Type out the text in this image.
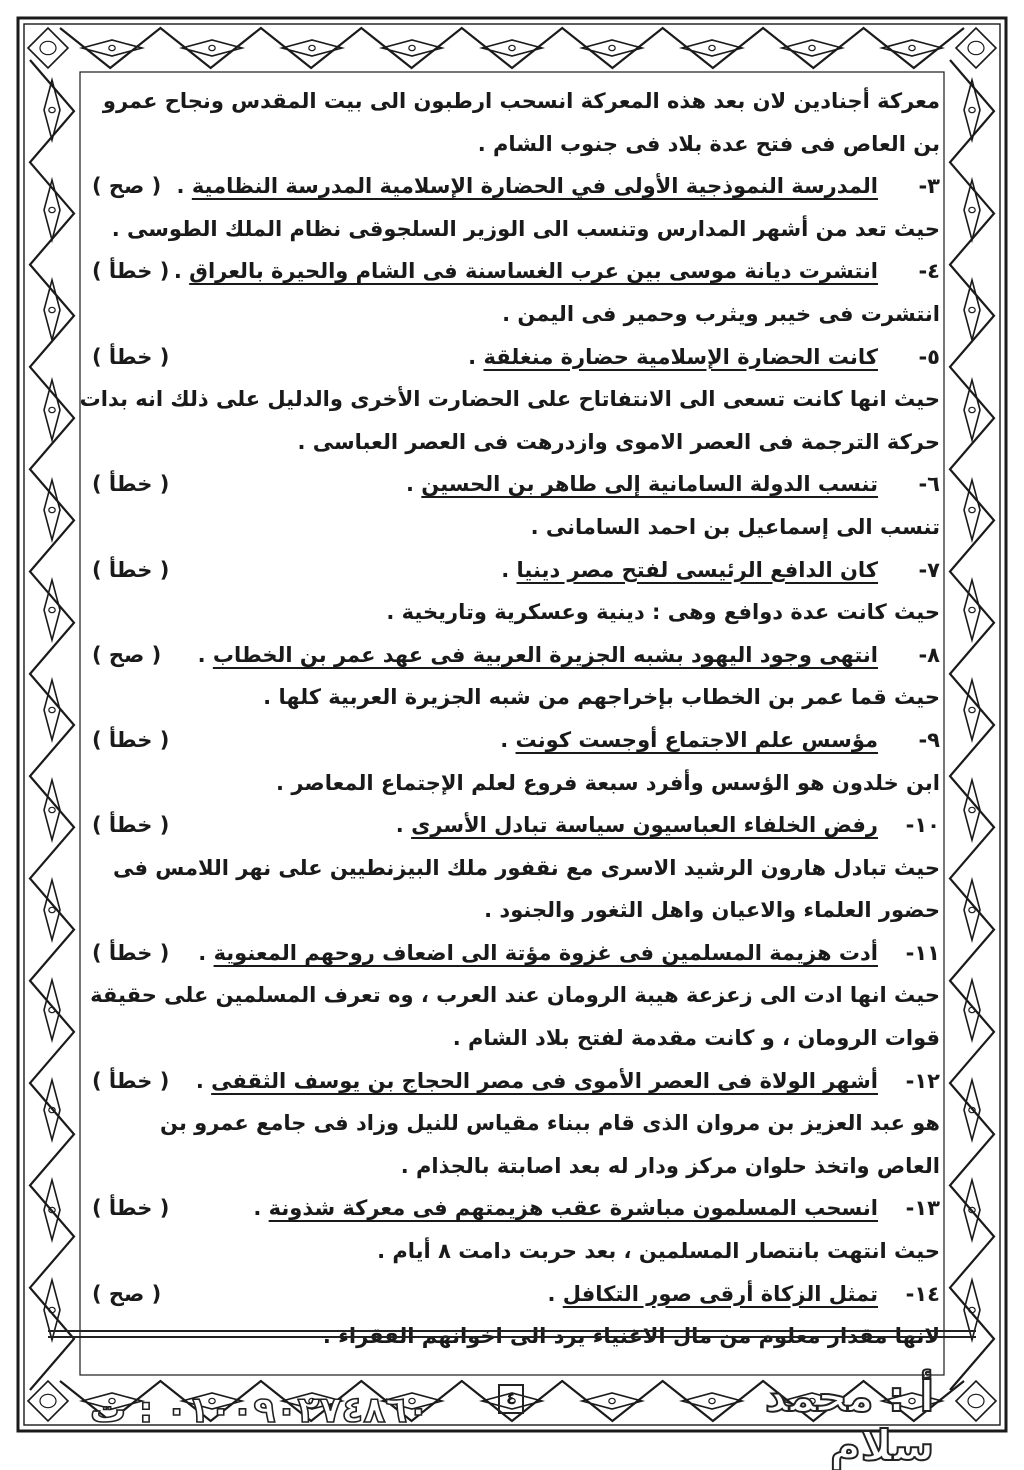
معركة أجنادين لان بعد هذه المعركة انسحب ارطبون الى بيت المقدس ونجاح عمرو
بن العاص فى فتح عدة بلاد فى جنوب الشام .
٣-المدرسة النموذجية الأولى في الحضارة الإسلامية المدرسة النظامية .
( صح )
حيث تعد من أشهر المدارس وتنسب الى الوزير السلجوقى نظام الملك الطوسى .
٤-انتشرت ديانة موسى بين عرب الغساسنة فى الشام والحيرة بالعراق .
( خطأ )
انتشرت فى خيبر ويثرب وحمير فى اليمن .
٥-كانت الحضارة الإسلامية حضارة منغلقة .
( خطأ )
حيث انها كانت تسعى الى الانتفاتاح على الحضارت الأخرى والدليل على ذلك انه بدات
حركة الترجمة فى العصر الاموى وازدرهت فى العصر العباسى .
٦-تنسب الدولة السامانية إلى طاهر بن الحسين .
( خطأ )
تنسب الى إسماعيل بن احمد السامانى .
٧-كان الدافع الرئيسى لفتح مصر دينيا .
( خطأ )
حيث كانت عدة دوافع وهى : دينية وعسكرية وتاريخية .
٨-انتهى وجود اليهود بشبه الجزيرة العربية فى عهد عمر بن الخطاب .
( صح )
حيث قما عمر بن الخطاب بإخراجهم من شبه الجزيرة العربية كلها .
٩-مؤسس علم الاجتماع أوجست كونت .
( خطأ )
ابن خلدون هو الؤسس وأفرد سبعة فروع لعلم الإجتماع المعاصر .
١٠-رفض الخلفاء العباسيون سياسة تبادل الأسرى .
( خطأ )
حيث تبادل هارون الرشيد الاسرى مع نقفور ملك البيزنطيين على نهر اللامس فى
حضور العلماء والاعيان واهل الثغور والجنود .
١١-أدت هزيمة المسلمين فى غزوة مؤتة الى اضعاف روحهم المعنوية .
( خطأ )
حيث انها ادت الى زعزعة هيبة الرومان عند العرب ، وه تعرف المسلمين على حقيقة
قوات الرومان ، و كانت مقدمة لفتح بلاد الشام .
١٢-أشهر الولاة فى العصر الأموى فى مصر الحجاج بن يوسف الثقفى .
( خطأ )
هو عبد العزيز بن مروان الذى قام ببناء مقياس للنيل وزاد فى جامع عمرو بن
العاص واتخذ حلوان مركز ودار له بعد اصابتة بالجذام .
١٣-انسحب المسلمون مباشرة عقب هزيمتهم فى معركة شذونة .
( خطأ )
حيث انتهت بانتصار المسلمين ، بعد حربت دامت ٨ أيام .
١٤-تمثل الزكاة أرقى صور التكافل .
( صح )
لانها مقدار معلوم من مال الاغنياء يرد الى اخوانهم الفقراء .
أ : محمد سلام
٤
٠١٠٠٩٠٢٧٤٨٦٠ : ت
